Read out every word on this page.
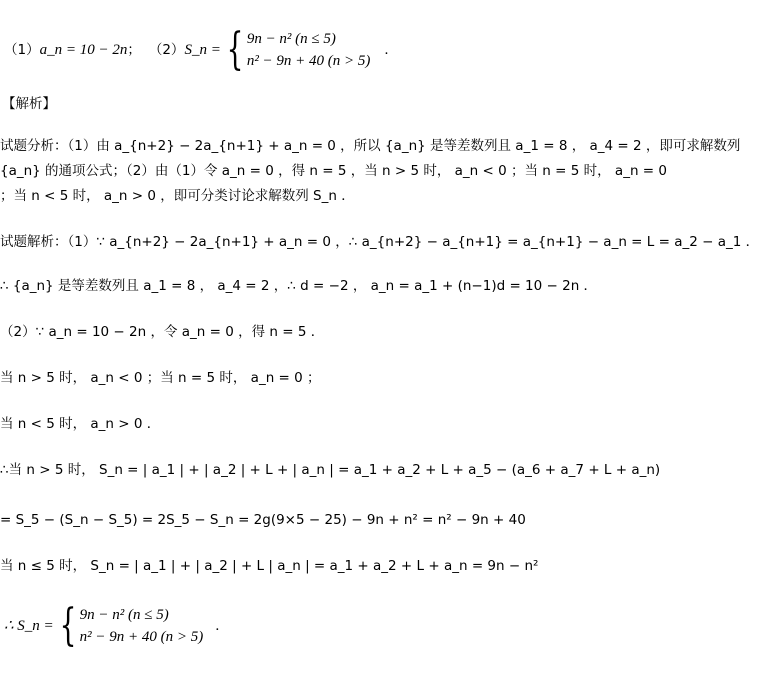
（1） a_n = 10 − 2n ； （2） S_n = { 9n − n² (n ≤ 5)
n² − 9n + 40 (n > 5)
．
【解析】
试题分析：（1）由 a_{n+2} − 2a_{n+1} + a_n = 0 ，所以 {a_n} 是等差数列且 a_1 = 8 ， a_4 = 2 ，即可求解数列
{a_n} 的通项公式；（2）由（1）令 a_n = 0 ，得 n = 5 ，当 n > 5 时， a_n < 0 ；当 n = 5 时， a_n = 0
；当 n < 5 时， a_n > 0 ，即可分类讨论求解数列 S_n ．
试题解析：（1）∵ a_{n+2} − 2a_{n+1} + a_n = 0 ，∴ a_{n+2} − a_{n+1} = a_{n+1} − a_n = L = a_2 − a_1 ．
∴ {a_n} 是等差数列且 a_1 = 8 ， a_4 = 2 ，∴ d = −2 ， a_n = a_1 + (n−1)d = 10 − 2n ．
（2）∵ a_n = 10 − 2n ，令 a_n = 0 ，得 n = 5 ．
当 n > 5 时， a_n < 0 ；当 n = 5 时， a_n = 0 ；
当 n < 5 时， a_n > 0 ．
∴当 n > 5 时， S_n = | a_1 | + | a_2 | + L + | a_n | = a_1 + a_2 + L + a_5 − (a_6 + a_7 + L + a_n)
= S_5 − (S_n − S_5) = 2S_5 − S_n = 2g(9×5 − 25) − 9n + n² = n² − 9n + 40
当 n ≤ 5 时， S_n = | a_1 | + | a_2 | + L | a_n | = a_1 + a_2 + L + a_n = 9n − n²
∴ S_n = { 9n − n² (n ≤ 5)
n² − 9n + 40 (n > 5)
．
